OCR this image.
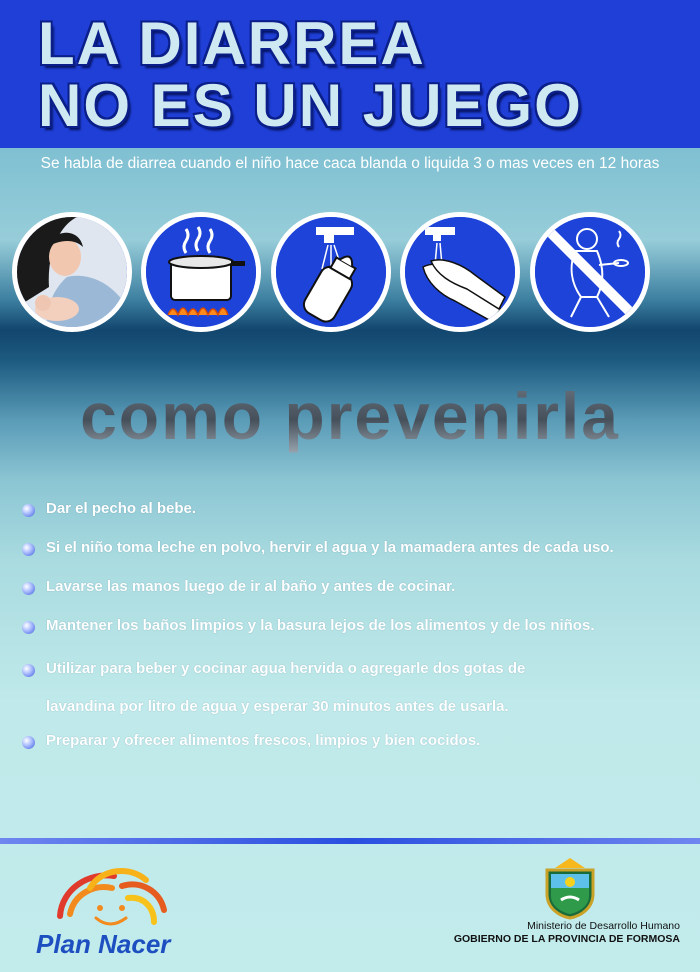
LA DIARREA
NO ES UN JUEGO
Se habla de diarrea cuando el niño hace caca blanda o liquida 3 o mas veces en 12 horas
como prevenirla
Dar el pecho al bebe.
Si el niño toma leche en polvo, hervir el agua y la mamadera antes de cada uso.
Lavarse las manos luego de ir al baño y antes de cocinar.
Mantener los baños limpios y la basura lejos de los alimentos y de los niños.
Utilizar para beber y cocinar agua hervida o agregarle dos gotas de
lavandina por litro de agua y esperar 30 minutos antes de usarla.
Preparar y ofrecer alimentos frescos, limpios y bien cocidos.
Plan Nacer
Ministerio de Desarrollo Humano
GOBIERNO DE LA PROVINCIA DE FORMOSA
